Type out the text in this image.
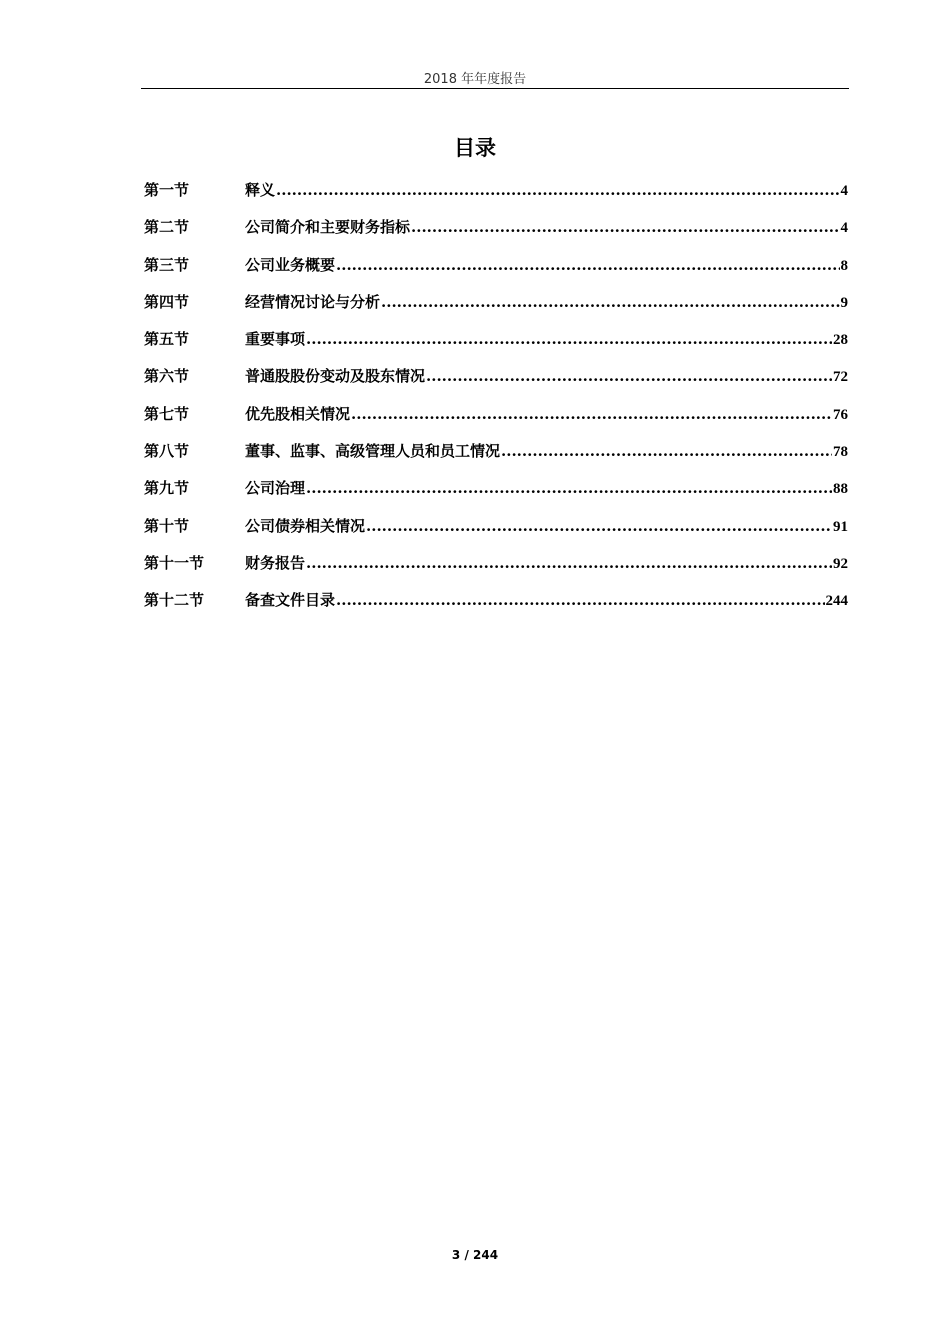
2018 年年度报告
目录
第一节	释义 .....	4
第二节	公司简介和主要财务指标 .....	4
第三节	公司业务概要 .....	8
第四节	经营情况讨论与分析 .....	9
第五节	重要事项 .....	28
第六节	普通股股份变动及股东情况 .....	72
第七节	优先股相关情况 .....	76
第八节	董事、监事、高级管理人员和员工情况 .....	78
第九节	公司治理 .....	88
第十节	公司债券相关情况 .....	91
第十一节	财务报告 .....	92
第十二节	备查文件目录 .....	244
3 / 244
